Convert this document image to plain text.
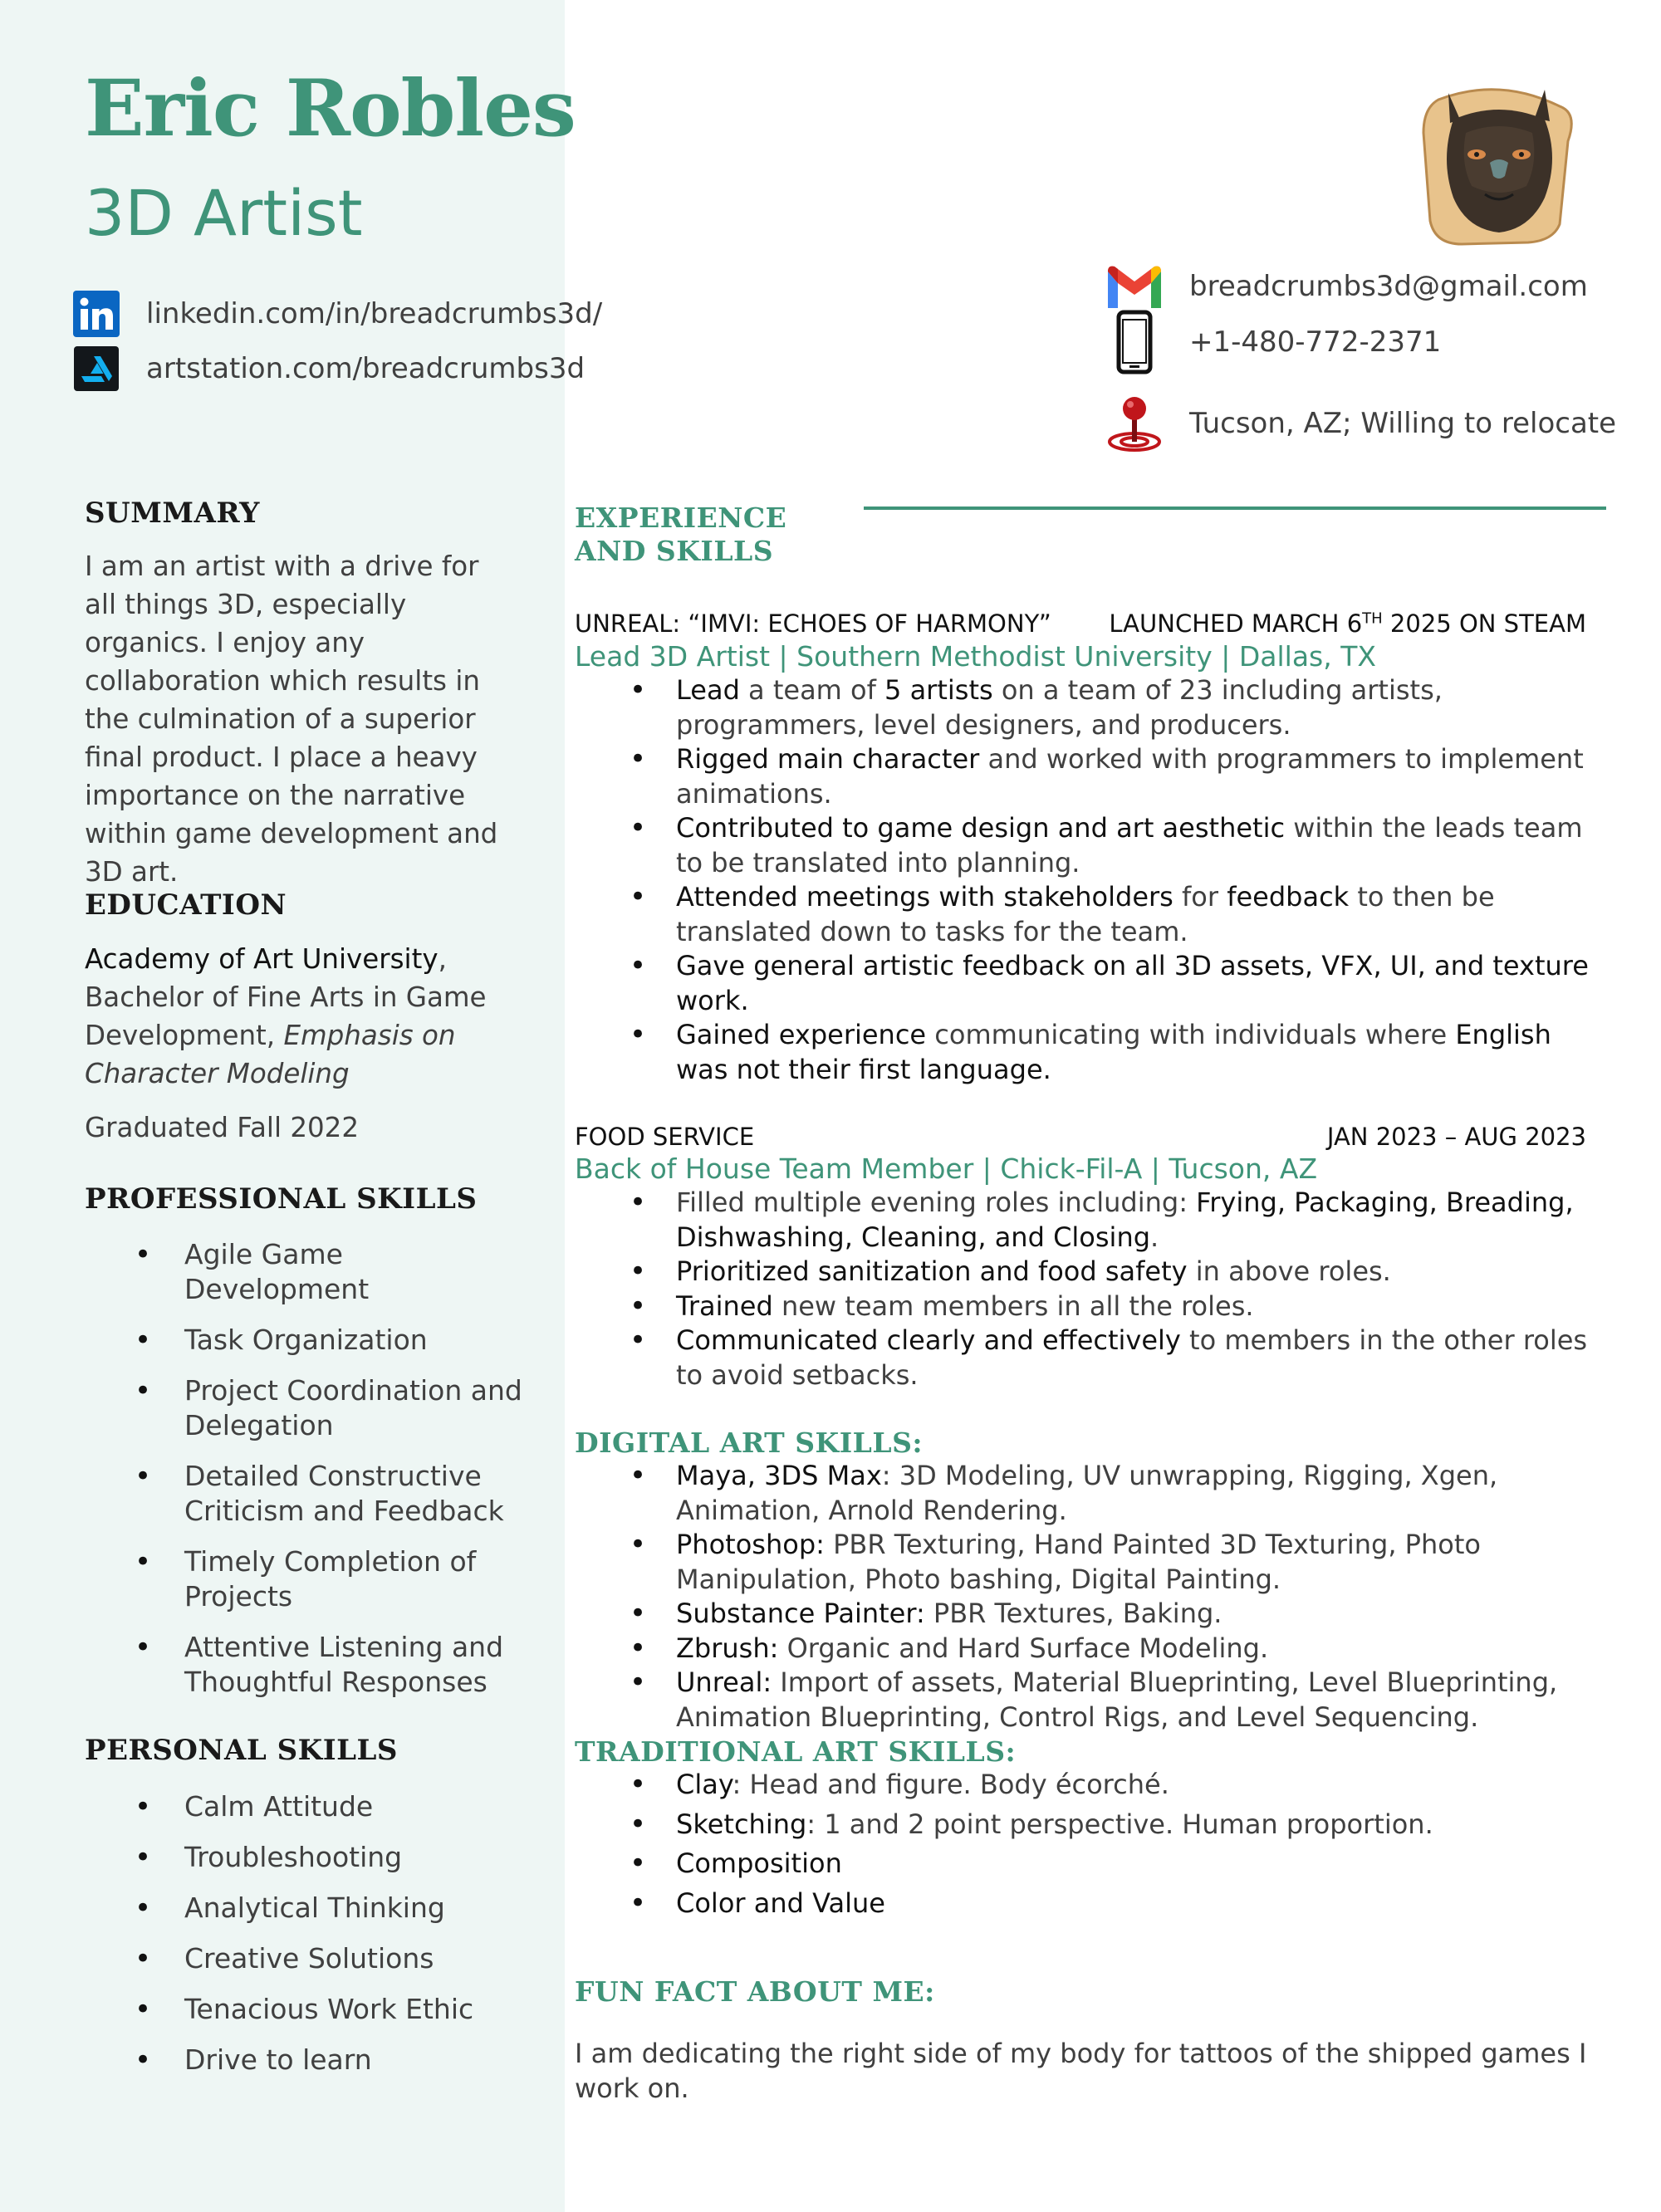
Eric Robles
3D Artist
linkedin.com/in/breadcrumbs3d/
artstation.com/breadcrumbs3d
breadcrumbs3d@gmail.com
+1-480-772-2371
Tucson, AZ; Willing to relocate
SUMMARY
I am an artist with a drive for all things 3D, especially organics. I enjoy any collaboration which results in the culmination of a superior final product. I place a heavy importance on the narrative within game development and 3D art.
EDUCATION
Academy of Art University, Bachelor of Fine Arts in Game Development, Emphasis on Character Modeling
Graduated Fall 2022
PROFESSIONAL SKILLS
• Agile Game Development
• Task Organization
• Project Coordination and Delegation
• Detailed Constructive Criticism and Feedback
• Timely Completion of Projects
• Attentive Listening and Thoughtful Responses
PERSONAL SKILLS
• Calm Attitude
• Troubleshooting
• Analytical Thinking
• Creative Solutions
• Tenacious Work Ethic
• Drive to learn
EXPERIENCE
AND SKILLS
UNREAL: “IMVI: ECHOES OF HARMONY” LAUNCHED MARCH 6TH 2025 ON STEAM
Lead 3D Artist | Southern Methodist University | Dallas, TX
• Lead a team of 5 artists on a team of 23 including artists, programmers, level designers, and producers.
• Rigged main character and worked with programmers to implement animations.
• Contributed to game design and art aesthetic within the leads team to be translated into planning.
• Attended meetings with stakeholders for feedback to then be translated down to tasks for the team.
• Gave general artistic feedback on all 3D assets, VFX, UI, and texture work.
• Gained experience communicating with individuals where English was not their first language.
FOOD SERVICE	JAN 2023 – AUG 2023
Back of House Team Member | Chick-Fil-A | Tucson, AZ
• Filled multiple evening roles including: Frying, Packaging, Breading, Dishwashing, Cleaning, and Closing.
• Prioritized sanitization and food safety in above roles.
• Trained new team members in all the roles.
• Communicated clearly and effectively to members in the other roles to avoid setbacks.
DIGITAL ART SKILLS:
• Maya, 3DS Max: 3D Modeling, UV unwrapping, Rigging, Xgen, Animation, Arnold Rendering.
• Photoshop: PBR Texturing, Hand Painted 3D Texturing, Photo Manipulation, Photo bashing, Digital Painting.
• Substance Painter: PBR Textures, Baking.
• Zbrush: Organic and Hard Surface Modeling.
• Unreal: Import of assets, Material Blueprinting, Level Blueprinting, Animation Blueprinting, Control Rigs, and Level Sequencing.
TRADITIONAL ART SKILLS:
• Clay: Head and figure. Body écorché.
• Sketching: 1 and 2 point perspective. Human proportion.
• Composition
• Color and Value
FUN FACT ABOUT ME:
I am dedicating the right side of my body for tattoos of the shipped games I work on.
